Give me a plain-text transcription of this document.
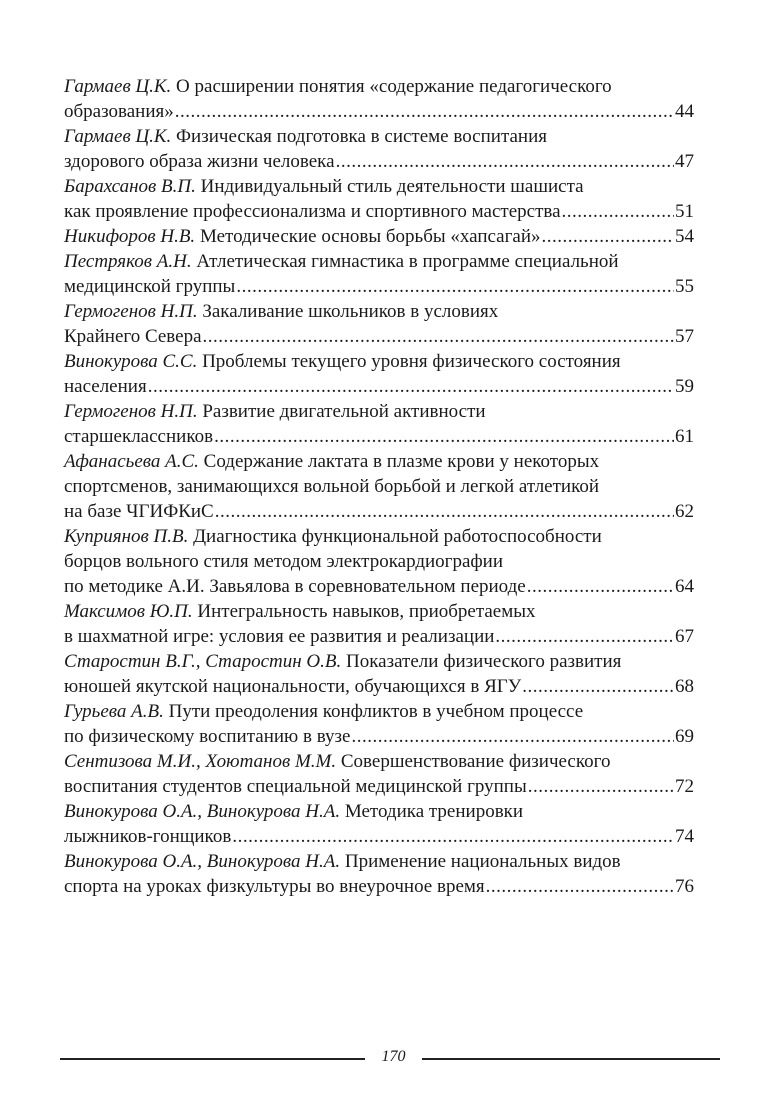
Гармаев Ц.К. О расширении понятия «содержание педагогического
образования» .....	44
Гармаев Ц.К. Физическая подготовка в системе воспитания
здорового образа жизни человека .....	47
Барахсанов В.П. Индивидуальный стиль деятельности шашиста
как проявление профессионализма и спортивного мастерства .....	51
Никифоров Н.В. Методические основы борьбы «хапсагай» .....	54
Пестряков А.Н. Атлетическая гимнастика в программе специальной
медицинской группы .....	55
Гермогенов Н.П. Закаливание школьников в условиях
Крайнего Севера .....	57
Винокурова С.С. Проблемы текущего уровня физического состояния
населения .....	59
Гермогенов Н.П. Развитие двигательной активности
старшеклассников .....	61
Афанасьева А.С. Содержание лактата в плазме крови у некоторых
спортсменов, занимающихся вольной борьбой и легкой атлетикой
на базе ЧГИФКиС .....	62
Куприянов П.В. Диагностика функциональной работоспособности
борцов вольного стиля методом электрокардиографии
по методике А.И. Завьялова в соревновательном периоде .....	64
Максимов Ю.П. Интегральность навыков, приобретаемых
в шахматной игре: условия ее развития и реализации .....	67
Старостин В.Г., Старостин О.В. Показатели физического развития
юношей якутской национальности, обучающихся в ЯГУ .....	68
Гурьева А.В. Пути преодоления конфликтов в учебном процессе
по физическому воспитанию в вузе .....	69
Сентизова М.И., Хоютанов М.М. Совершенствование физического
воспитания студентов специальной медицинской группы .....	72
Винокурова О.А., Винокурова Н.А. Методика тренировки
лыжников-гонщиков .....	74
Винокурова О.А., Винокурова Н.А. Применение национальных видов
спорта на уроках физкультуры во внеурочное время .....	76
170
